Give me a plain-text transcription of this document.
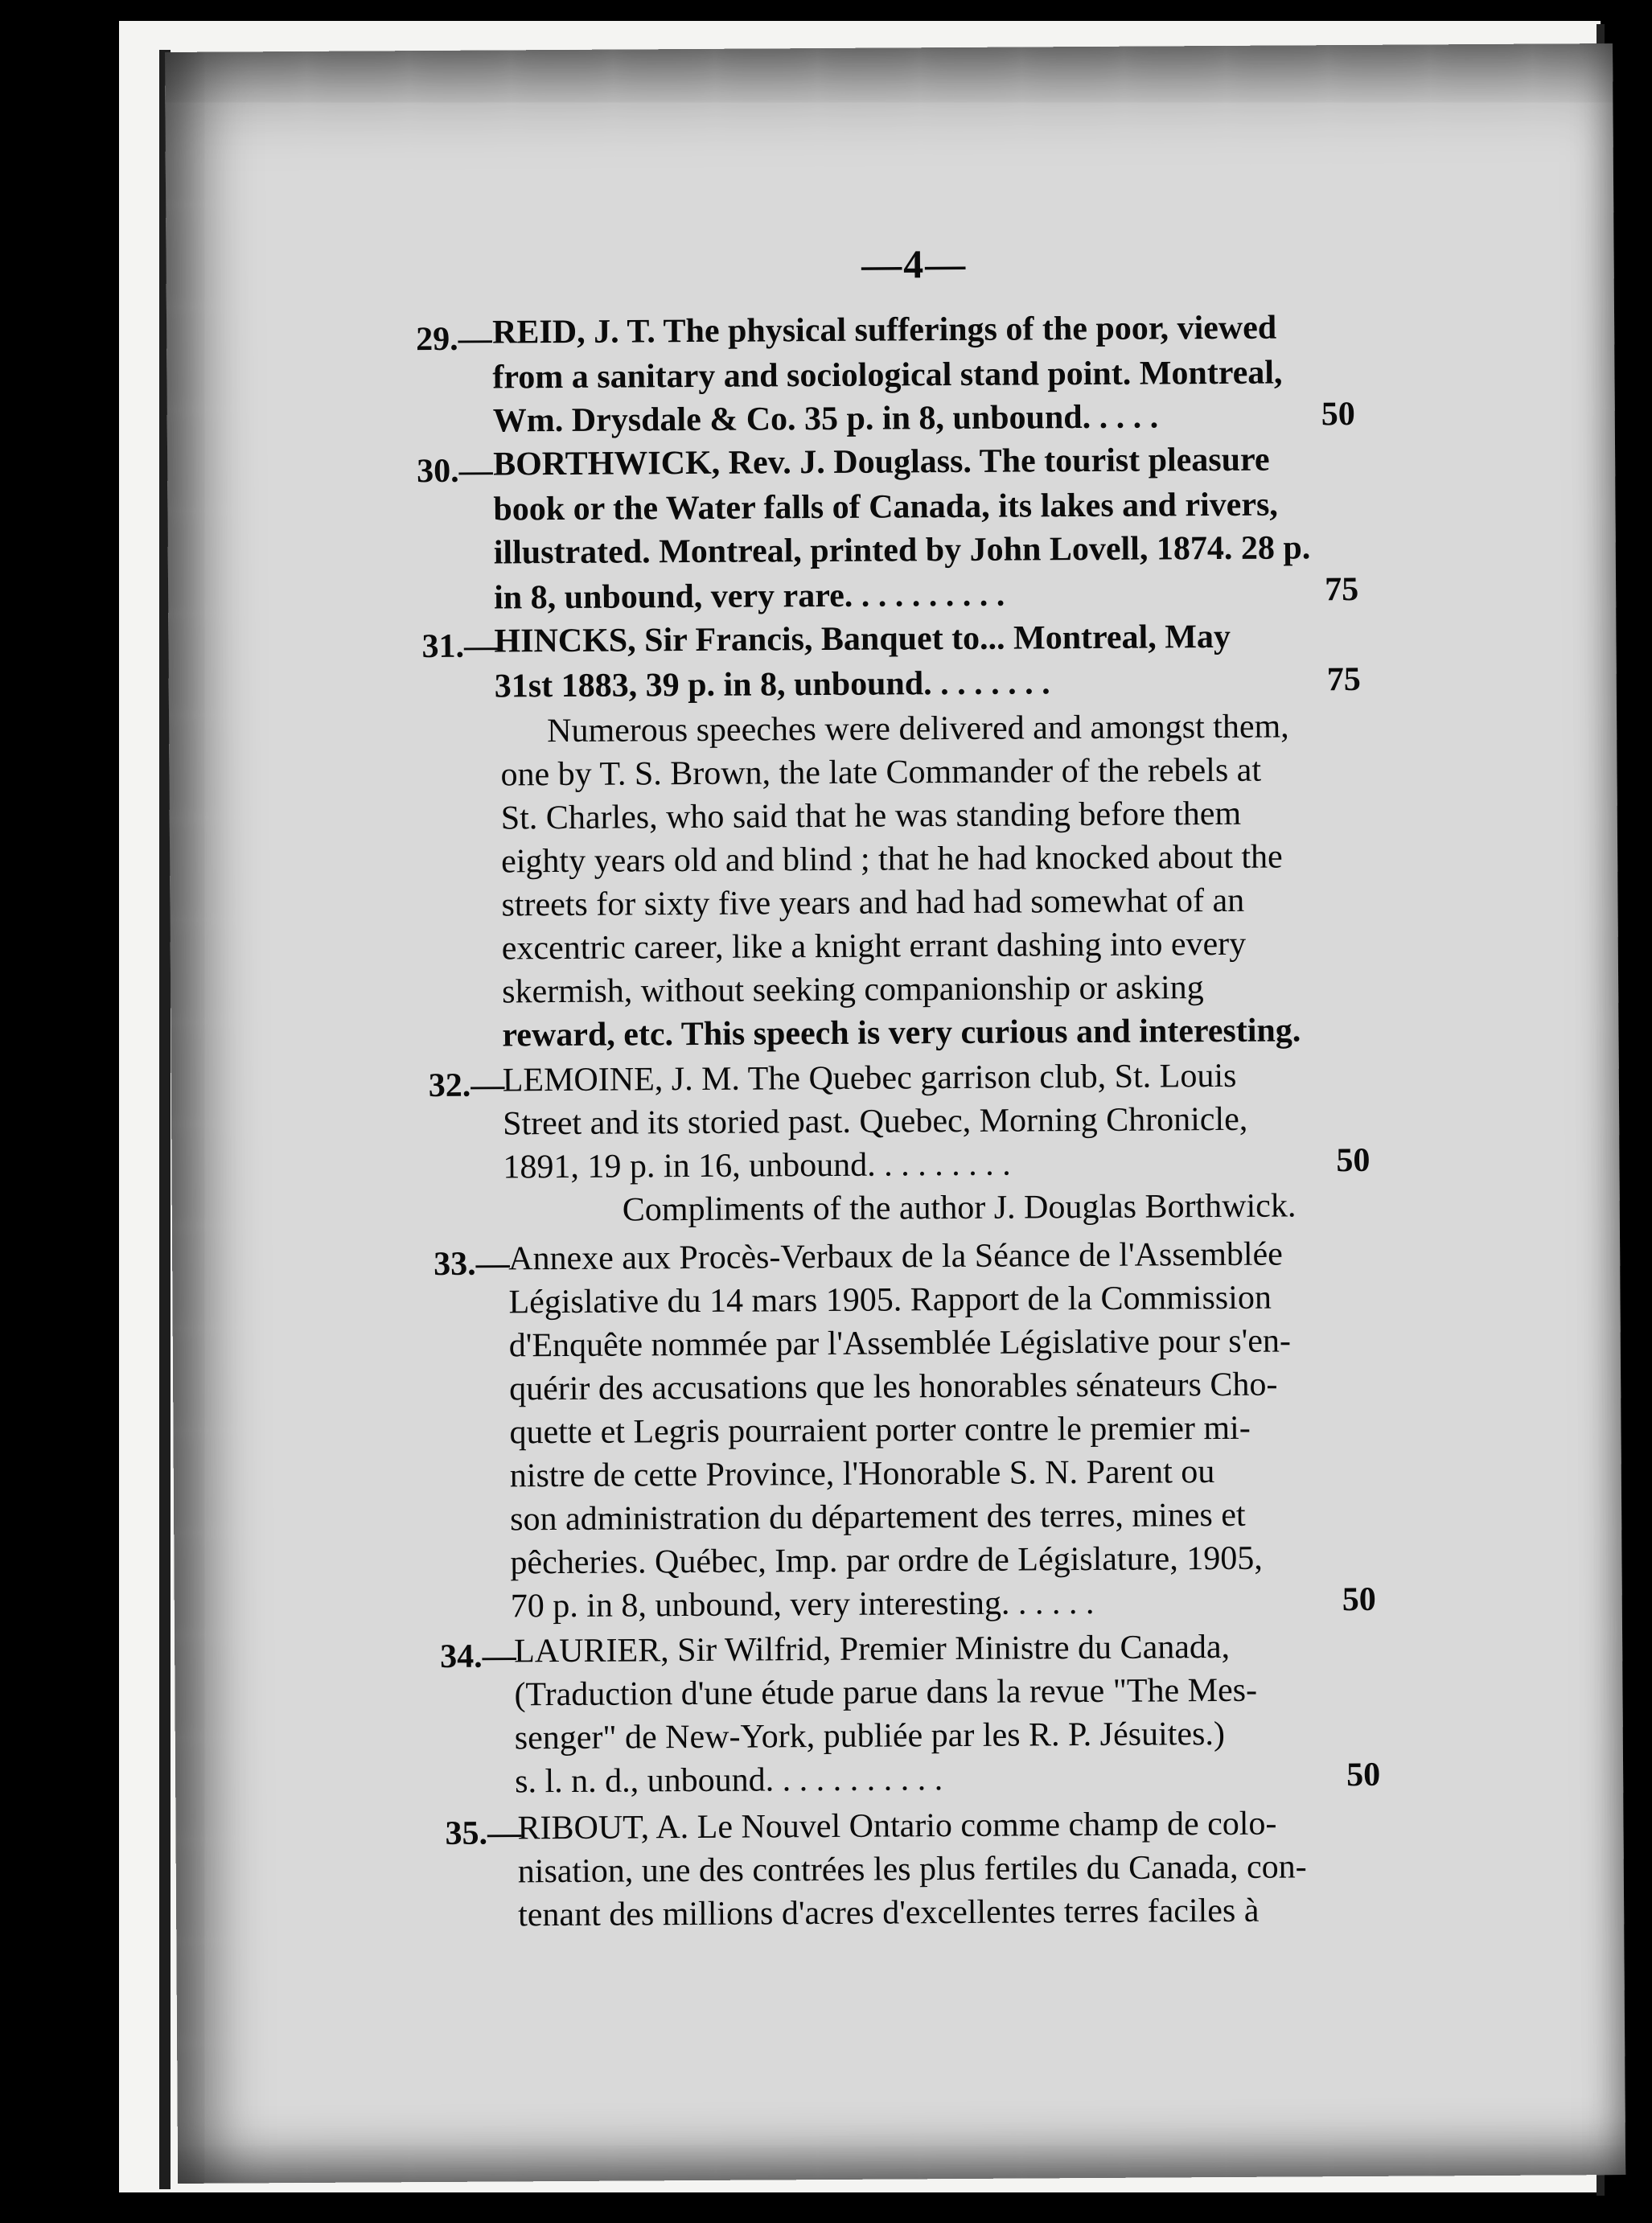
—4—
29.— REID, J. T. The physical sufferings of the poor, viewed
from a sanitary and sociological stand point. Montreal,
Wm. Drysdale & Co. 35 p. in 8, unbound. . . . .	50
30.— BORTHWICK, Rev. J. Douglass. The tourist pleasure
book or the Water falls of Canada, its lakes and rivers,
illustrated. Montreal, printed by John Lovell, 1874. 28 p.
in 8, unbound, very rare. . . . . . . . . .	75
31.—
HINCKS, Sir Francis, Banquet to... Montreal, May
31st 1883, 39 p. in 8, unbound. . . . . . . .	75
Numerous speeches were delivered and amongst them,
one by T. S. Brown, the late Commander of the rebels at
St. Charles, who said that he was standing before them
eighty years old and blind ; that he had knocked about the
streets for sixty five years and had had somewhat of an
excentric career, like a knight errant dashing into every
skermish, without seeking companionship or asking
reward, etc. This speech is very curious and interesting.
32.—
LEMOINE, J. M. The Quebec garrison club, St. Louis
Street and its storied past. Quebec, Morning Chronicle,
1891, 19 p. in 16, unbound. . . . . . . . .	50
Compliments of the author J. Douglas Borthwick.
33.—
Annexe aux Procès-Verbaux de la Séance de l'Assemblée
Législative du 14 mars 1905. Rapport de la Commission
d'Enquête nommée par l'Assemblée Législative pour s'en-
quérir des accusations que les honorables sénateurs Cho-
quette et Legris pourraient porter contre le premier mi-
nistre de cette Province, l'Honorable S. N. Parent ou
son administration du département des terres, mines et
pêcheries. Québec, Imp. par ordre de Législature, 1905,
70 p. in 8, unbound, very interesting. . . . . .	50
34.—
LAURIER, Sir Wilfrid, Premier Ministre du Canada,
(Traduction d'une étude parue dans la revue "The Mes-
senger" de New-York, publiée par les R. P. Jésuites.)
s. l. n. d., unbound. . . . . . . . . . .	50
35.—
RIBOUT, A. Le Nouvel Ontario comme champ de colo-
nisation, une des contrées les plus fertiles du Canada, con-
tenant des millions d'acres d'excellentes terres faciles à
